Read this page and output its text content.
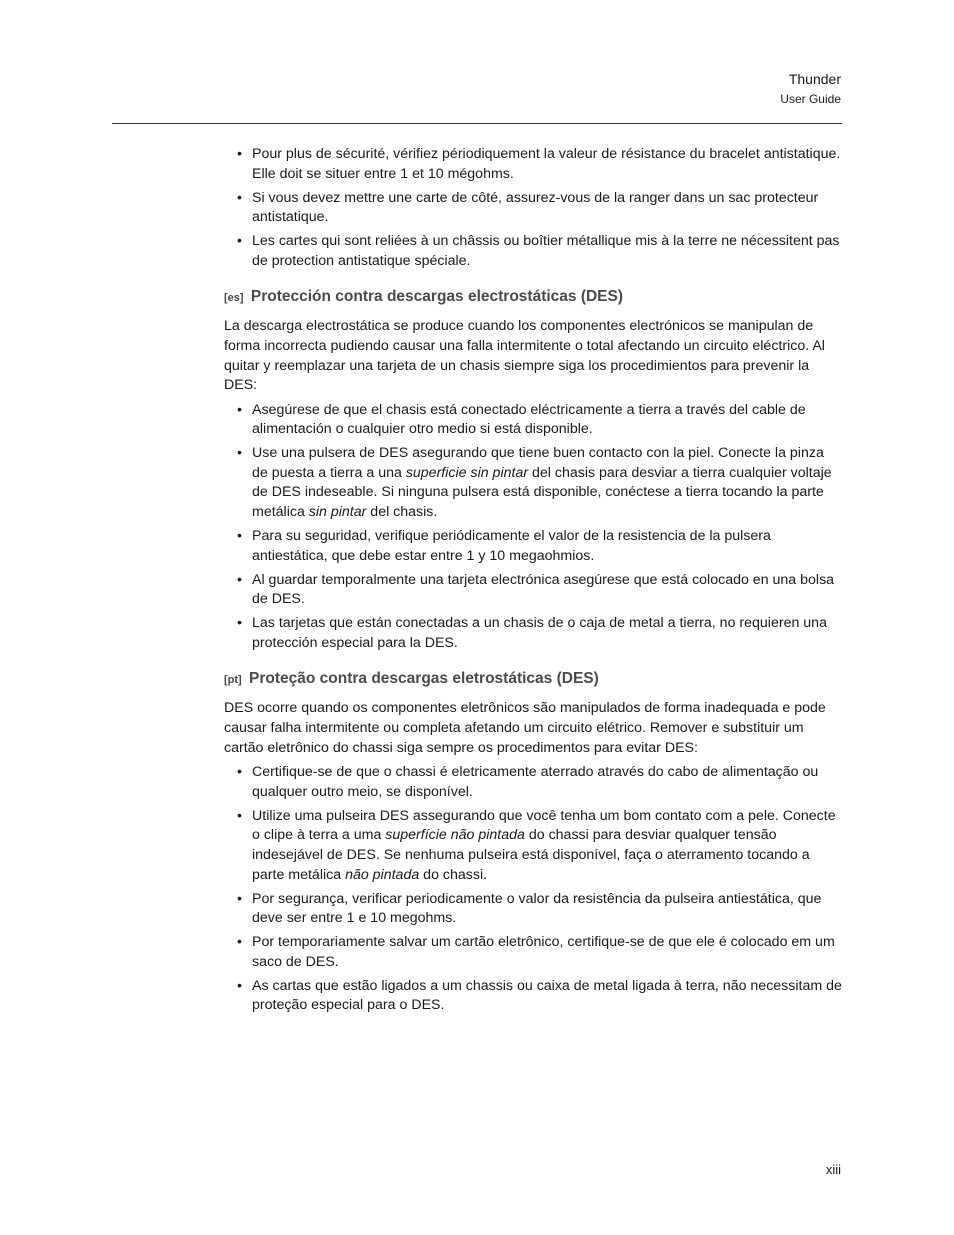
Thunder
User Guide
• Pour plus de sécurité, vérifiez périodiquement la valeur de résistance du bracelet antistatique. Elle doit se situer entre 1 et 10 mégohms.
• Si vous devez mettre une carte de côté, assurez-vous de la ranger dans un sac protecteur antistatique.
• Les cartes qui sont reliées à un châssis ou boîtier métallique mis à la terre ne nécessitent pas de protection antistatique spéciale.
[es] Protección contra descargas electrostáticas (DES)

La descarga electrostática se produce cuando los componentes electrónicos se manipulan de forma incorrecta pudiendo causar una falla intermitente o total afectando un circuito eléctrico. Al quitar y reemplazar una tarjeta de un chasis siempre siga los procedimientos para prevenir la DES:

• Asegúrese de que el chasis está conectado eléctricamente a tierra a través del cable de alimentación o cualquier otro medio si está disponible.
• Use una pulsera de DES asegurando que tiene buen contacto con la piel. Conecte la pinza de puesta a tierra a una superficie sin pintar del chasis para desviar a tierra cualquier voltaje de DES indeseable. Si ninguna pulsera está disponible, conéctese a tierra tocando la parte metálica sin pintar del chasis.
• Para su seguridad, verifique periódicamente el valor de la resistencia de la pulsera antiestática, que debe estar entre 1 y 10 megaohmios.
• Al guardar temporalmente una tarjeta electrónica asegúrese que está colocado en una bolsa de DES.
• Las tarjetas que están conectadas a un chasis de o caja de metal a tierra, no requieren una protección especial para la DES.
[pt] Proteção contra descargas eletrostáticas (DES)

DES ocorre quando os componentes eletrônicos são manipulados de forma inadequada e pode causar falha intermitente ou completa afetando um circuito elétrico. Remover e substituir um cartão eletrônico do chassi siga sempre os procedimentos para evitar DES:

• Certifique-se de que o chassi é eletricamente aterrado através do cabo de alimentação ou qualquer outro meio, se disponível.
• Utilize uma pulseira DES assegurando que você tenha um bom contato com a pele. Conecte o clipe à terra a uma superfície não pintada do chassi para desviar qualquer tensão indesejável de DES. Se nenhuma pulseira está disponível, faça o aterramento tocando a parte metálica não pintada do chassi.
• Por segurança, verificar periodicamente o valor da resistência da pulseira antiestática, que deve ser entre 1 e 10 megohms.
• Por temporariamente salvar um cartão eletrônico, certifique-se de que ele é colocado em um saco de DES.
• As cartas que estão ligados a um chassis ou caixa de metal ligada à terra, não necessitam de proteção especial para o DES.
xiii
